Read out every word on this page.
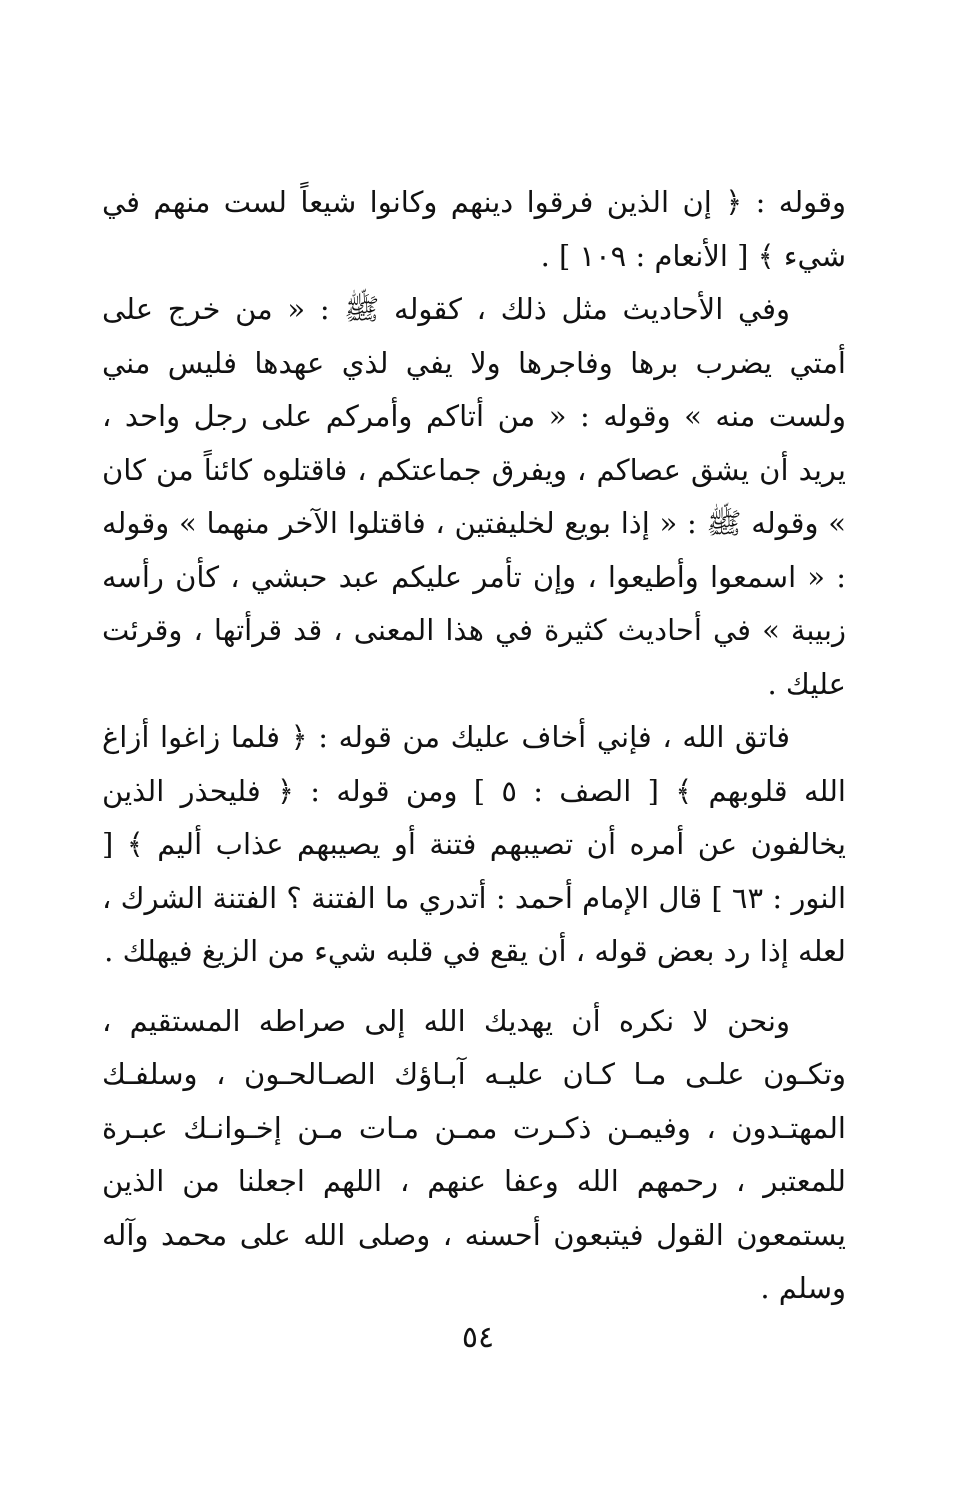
وقوله : ﴿ إن الذين فرقوا دينهم وكانوا شيعاً لست منهم في شيء ﴾ [ الأنعام : ١٠٩ ] .

وفي الأحاديث مثل ذلك ، كقوله ﷺ : « من خرج على أمتي يضرب برها وفاجرها ولا يفي لذي عهدها فليس مني ولست منه » وقوله : « من أتاكم وأمركم على رجل واحد ، يريد أن يشق عصاكم ، ويفرق جماعتكم ، فاقتلوه كائناً من كان » وقوله ﷺ : « إذا بويع لخليفتين ، فاقتلوا الآخر منهما » وقوله : « اسمعوا وأطيعوا ، وإن تأمر عليكم عبد حبشي ، كأن رأسه زبيبة » في أحاديث كثيرة في هذا المعنى ، قد قرأتها ، وقرئت عليك .

فاتق الله ، فإني أخاف عليك من قوله : ﴿ فلما زاغوا أزاغ الله قلوبهم ﴾ [ الصف : ٥ ] ومن قوله : ﴿ فليحذر الذين يخالفون عن أمره أن تصيبهم فتنة أو يصيبهم عذاب أليم ﴾ [ النور : ٦٣ ] قال الإمام أحمد : أتدري ما الفتنة ؟ الفتنة الشرك ، لعله إذا رد بعض قوله ، أن يقع في قلبه شيء من الزيغ فيهلك .

ونحن لا نكره أن يهديك الله إلى صراطه المستقيم ، وتكـون علـى مـا كـان عليـه آبـاؤك الصـالحـون ، وسلفـك المهتـدون ، وفيمـن ذكـرت ممـن مـات مـن إخـوانـك عبـرة للمعتبر ، رحمهم الله وعفا عنهم ، اللهم اجعلنا من الذين يستمعون القول فيتبعون أحسنه ، وصلى الله على محمد وآله وسلم .

٥٤
